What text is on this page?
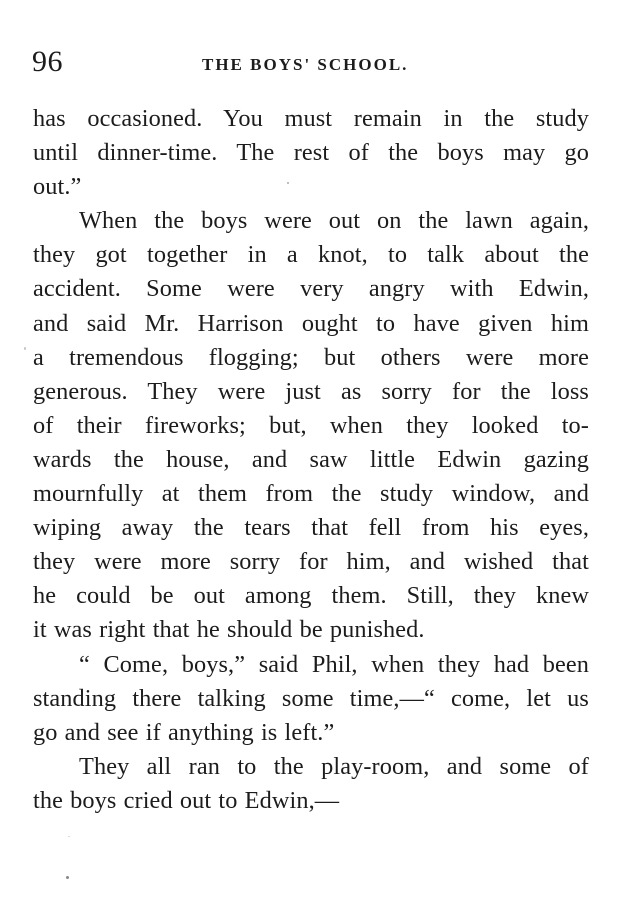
96	THE BOYS' SCHOOL.
has occasioned. You must remain in the study
until dinner-time. The rest of the boys may go
out.”
When the boys were out on the lawn again,
they got together in a knot, to talk about the
accident. Some were very angry with Edwin,
and said Mr. Harrison ought to have given him
a tremendous flogging; but others were more
generous. They were just as sorry for the loss
of their fireworks; but, when they looked to-
wards the house, and saw little Edwin gazing
mournfully at them from the study window, and
wiping away the tears that fell from his eyes,
they were more sorry for him, and wished that
he could be out among them. Still, they knew
it was right that he should be punished.
“ Come, boys,” said Phil, when they had been
standing there talking some time,—“ come, let us
go and see if anything is left.”
They all ran to the play-room, and some of
the boys cried out to Edwin,—
